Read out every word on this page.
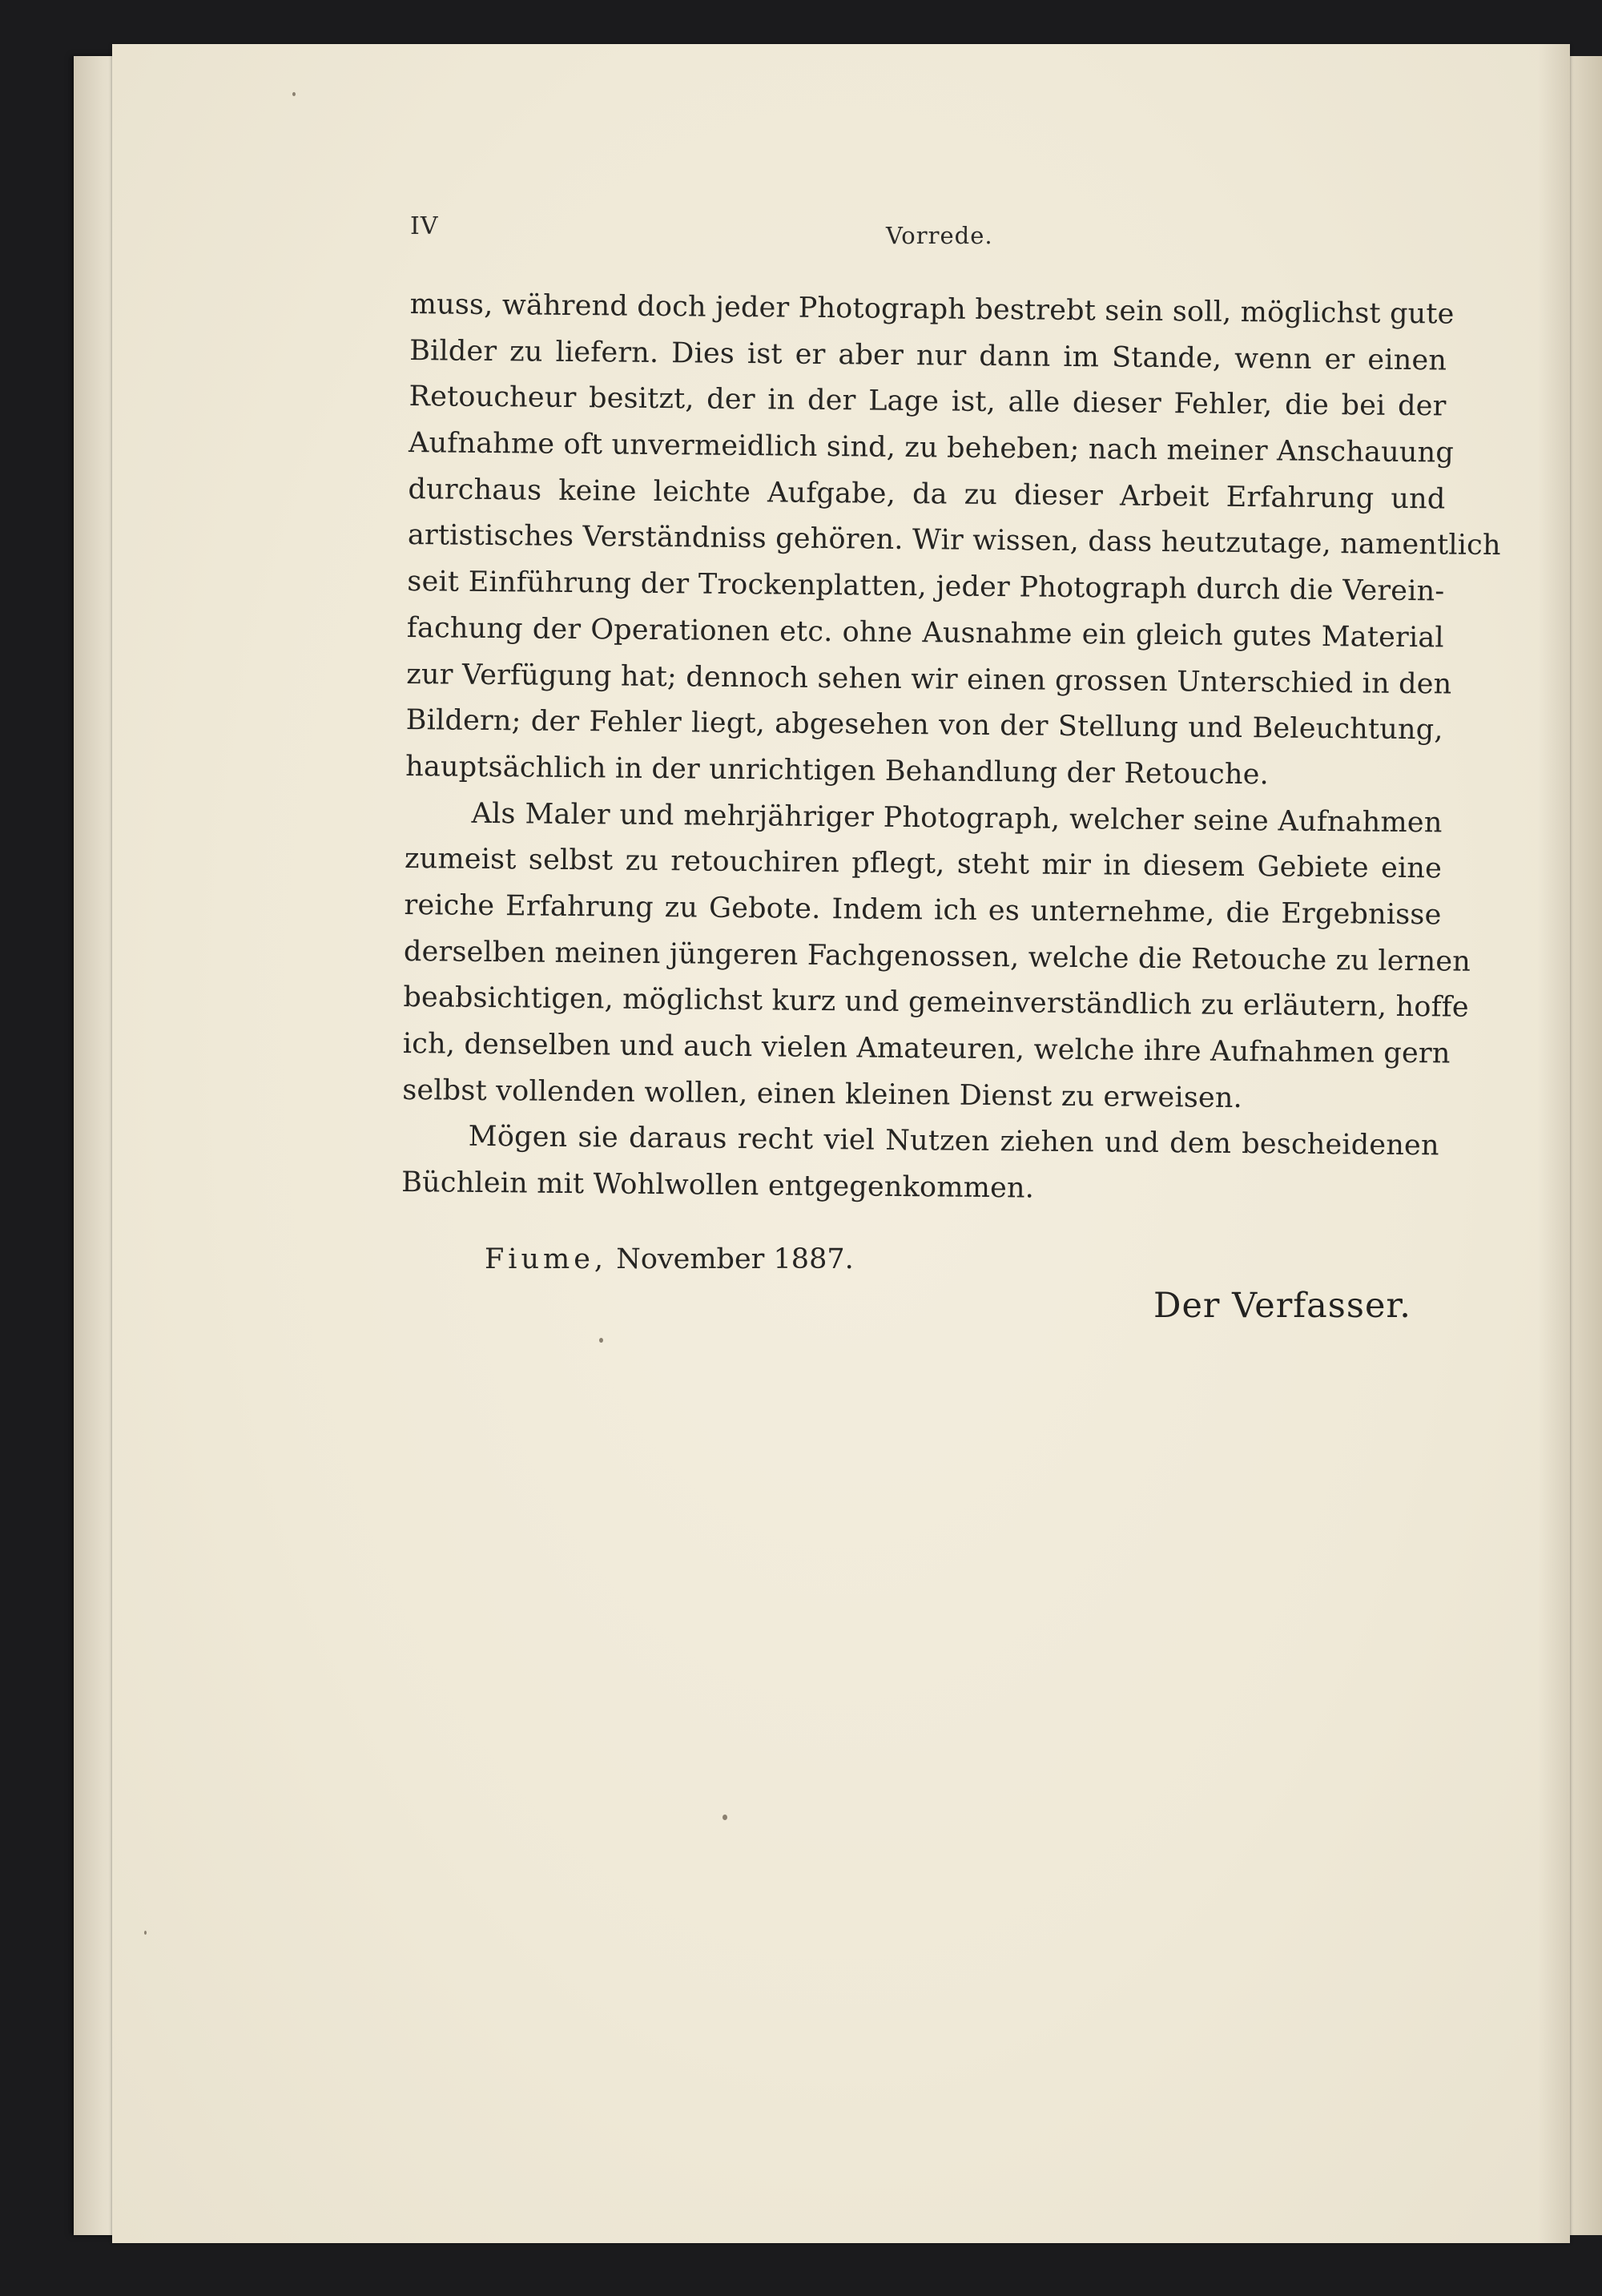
IV	Vorrede.
muss, während doch jeder Photograph bestrebt sein soll, möglichst gute
Bilder zu liefern. Dies ist er aber nur dann im Stande, wenn er einen
Retoucheur besitzt, der in der Lage ist, alle dieser Fehler, die bei der
Aufnahme oft unvermeidlich sind, zu beheben; nach meiner Anschauung
durchaus keine leichte Aufgabe, da zu dieser Arbeit Erfahrung und
artistisches Verständniss gehören. Wir wissen, dass heutzutage, namentlich
seit Einführung der Trockenplatten, jeder Photograph durch die Verein-
fachung der Operationen etc. ohne Ausnahme ein gleich gutes Material
zur Verfügung hat; dennoch sehen wir einen grossen Unterschied in den
Bildern; der Fehler liegt, abgesehen von der Stellung und Beleuchtung,
hauptsächlich in der unrichtigen Behandlung der Retouche.
Als Maler und mehrjähriger Photograph, welcher seine Aufnahmen
zumeist selbst zu retouchiren pflegt, steht mir in diesem Gebiete eine
reiche Erfahrung zu Gebote. Indem ich es unternehme, die Ergebnisse
derselben meinen jüngeren Fachgenossen, welche die Retouche zu lernen
beabsichtigen, möglichst kurz und gemeinverständlich zu erläutern, hoffe
ich, denselben und auch vielen Amateuren, welche ihre Aufnahmen gern
selbst vollenden wollen, einen kleinen Dienst zu erweisen.
Mögen sie daraus recht viel Nutzen ziehen und dem bescheidenen
Büchlein mit Wohlwollen entgegenkommen.
Fiume, November 1887.
Der Verfasser.
